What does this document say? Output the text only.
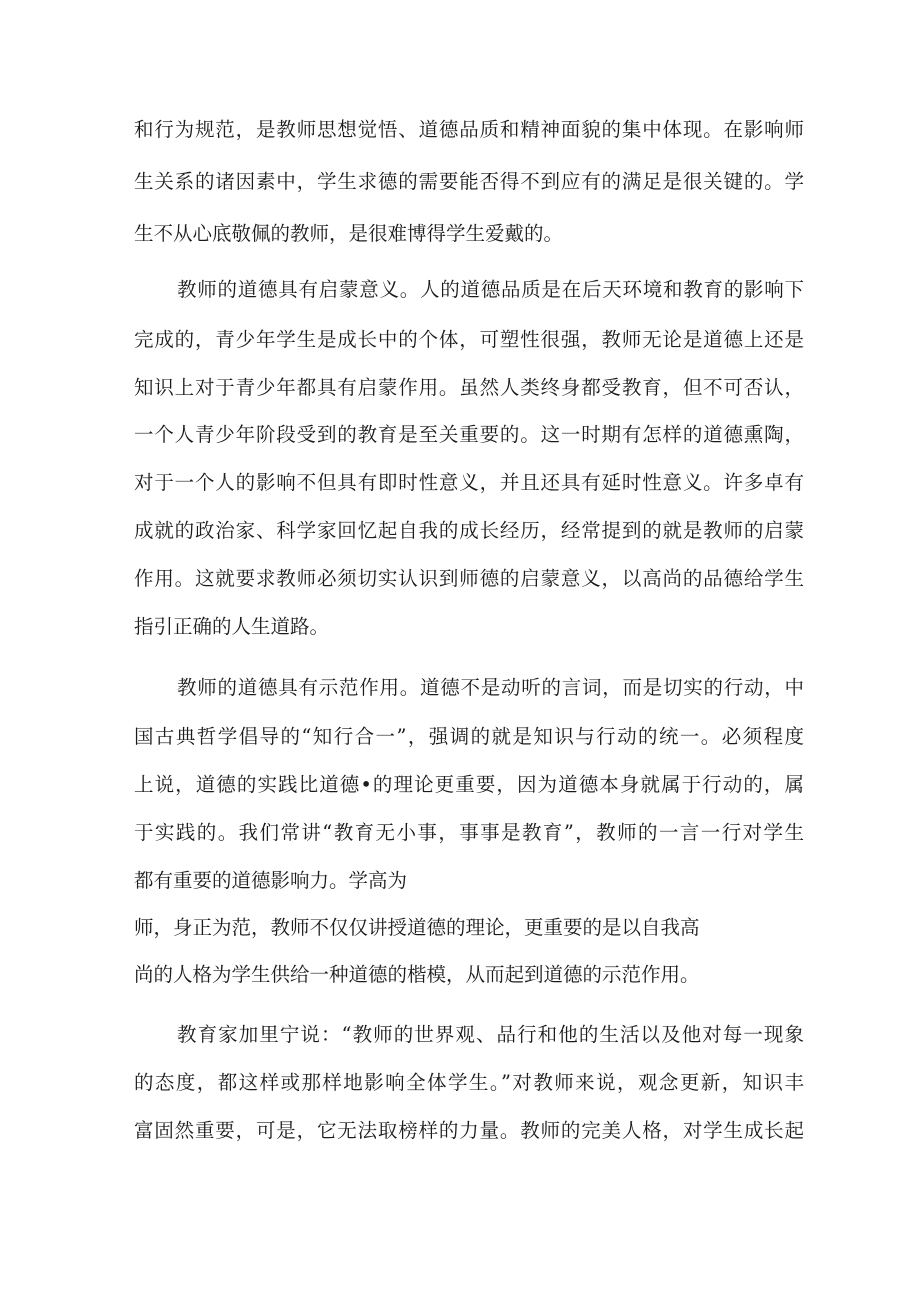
和行为规范，是教师思想觉悟、道德品质和精神面貌的集中体现。在影响师
生关系的诸因素中，学生求德的需要能否得不到应有的满足是很关键的。学
生不从心底敬佩的教师，是很难博得学生爱戴的。
教师的道德具有启蒙意义。人的道德品质是在后天环境和教育的影响下
完成的，青少年学生是成长中的个体，可塑性很强，教师无论是道德上还是
知识上对于青少年都具有启蒙作用。虽然人类终身都受教育，但不可否认，
一个人青少年阶段受到的教育是至关重要的。这一时期有怎样的道德熏陶，
对于一个人的影响不但具有即时性意义，并且还具有延时性意义。许多卓有
成就的政治家、科学家回忆起自我的成长经历，经常提到的就是教师的启蒙
作用。这就要求教师必须切实认识到师德的启蒙意义，以高尚的品德给学生
指引正确的人生道路。
教师的道德具有示范作用。道德不是动听的言词，而是切实的行动，中
国古典哲学倡导的“知行合一”，强调的就是知识与行动的统一。必须程度
上说，道德的实践比道德•的理论更重要，因为道德本身就属于行动的，属
于实践的。我们常讲“教育无小事，事事是教育”，教师的一言一行对学生
都有重要的道德影响力。学高为
师，身正为范，教师不仅仅讲授道德的理论，更重要的是以自我高
尚的人格为学生供给一种道德的楷模，从而起到道德的示范作用。
教育家加里宁说：“教师的世界观、品行和他的生活以及他对每一现象
的态度，都这样或那样地影响全体学生。”对教师来说，观念更新，知识丰
富固然重要，可是，它无法取榜样的力量。教师的完美人格，对学生成长起
